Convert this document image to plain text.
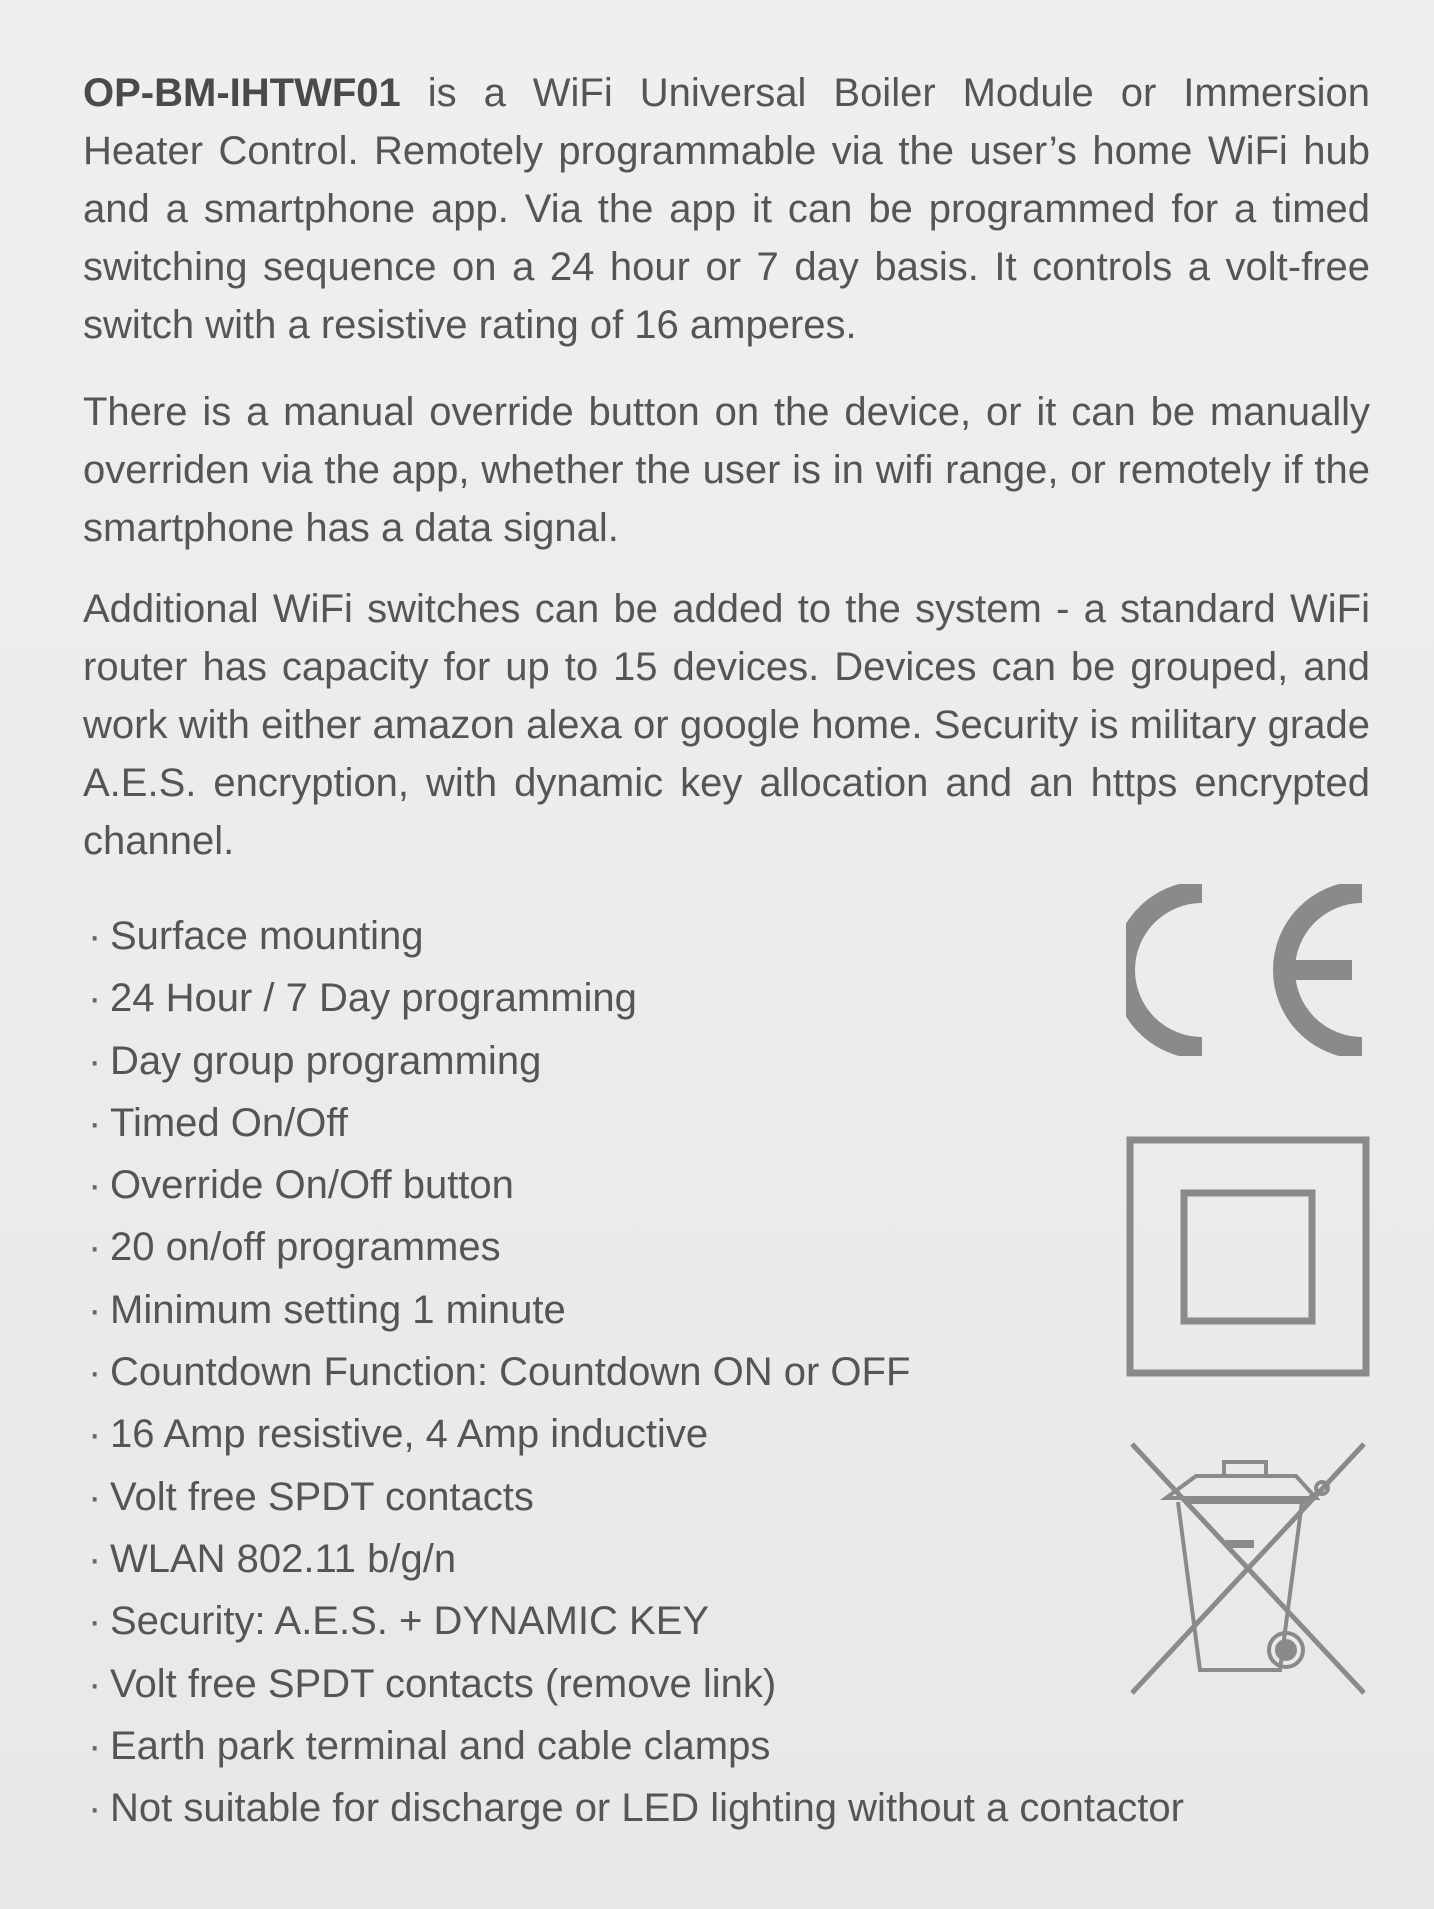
OP-BM-IHTWF01 is a WiFi Universal Boiler Module or Immersion Heater Control. Remotely programmable via the user’s home WiFi hub and a smartphone app. Via the app it can be programmed for a timed switching sequence on a 24 hour or 7 day basis. It controls a volt-free switch with a resistive rating of 16 amperes.

There is a manual override button on the device, or it can be manually overriden via the app, whether the user is in wifi range, or remotely if the smartphone has a data signal.

Additional WiFi switches can be added to the system - a standard WiFi router has capacity for up to 15 devices. Devices can be grouped, and work with either amazon alexa or google home. Security is military grade A.E.S. encryption, with dynamic key allocation and an https encrypted channel.

· Surface mounting
· 24 Hour / 7 Day programming
· Day group programming
· Timed On/Off
· Override On/Off button
· 20 on/off programmes
· Minimum setting 1 minute
· Countdown Function: Countdown ON or OFF
· 16 Amp resistive, 4 Amp inductive
· Volt free SPDT contacts
· WLAN 802.11 b/g/n
· Security: A.E.S. + DYNAMIC KEY
· Volt free SPDT contacts (remove link)
· Earth park terminal and cable clamps
· Not suitable for discharge or LED lighting without a contactor
